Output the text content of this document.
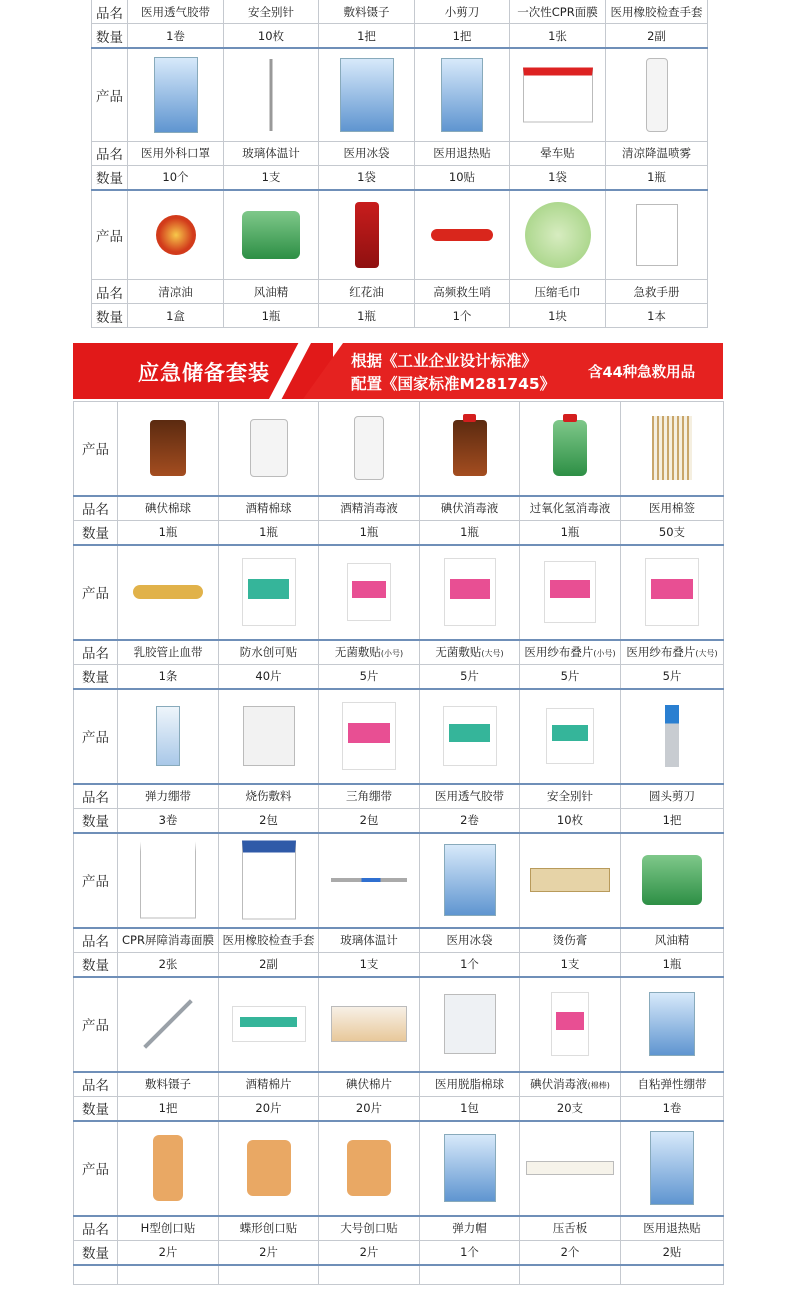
品名	医用透气胶带	安全别针	敷料镊子	小剪刀	一次性CPR面膜	医用橡胶检查手套
数量	1卷	10枚	1把	1把	1张	2副
产品	

品名	医用外科口罩	玻璃体温计	医用冰袋	医用退热贴	晕车贴	清凉降温喷雾
数量	10个	1支	1袋	10贴	1袋	1瓶
产品	

品名	清凉油	风油精	红花油	高频救生哨	压缩毛巾	急救手册
数量	1盒	1瓶	1瓶	1个	1块	1本
应急储备套装	根据《工业企业设计标准》
配置《国家标准M281745》
含44种急救用品
产品	

品名	碘伏棉球	酒精棉球	酒精消毒液	碘伏消毒液	过氧化氢消毒液	医用棉签
数量	1瓶	1瓶	1瓶	1瓶	1瓶	50支
产品	

品名	乳胶管止血带	防水创可贴	无菌敷贴(小号)	无菌敷贴(大号)	医用纱布叠片(小号)	医用纱布叠片(大号)
数量	1条	40片	5片	5片	5片	5片
产品	

品名	弹力绷带	烧伤敷料	三角绷带	医用透气胶带	安全别针	圆头剪刀
数量	3卷	2包	2包	2卷	10枚	1把
产品	

品名	CPR屏障消毒面膜	医用橡胶检查手套	玻璃体温计	医用冰袋	烫伤膏	风油精
数量	2张	2副	1支	1个	1支	1瓶
产品	

品名	敷料镊子	酒精棉片	碘伏棉片	医用脱脂棉球	碘伏消毒液(棉棒)	自粘弹性绷带
数量	1把	20片	20片	1包	20支	1卷
产品	

品名	H型创口贴	蝶形创口贴	大号创口贴	弹力帽	压舌板	医用退热贴
数量	2片	2片	2片	1个	2个	2贴
